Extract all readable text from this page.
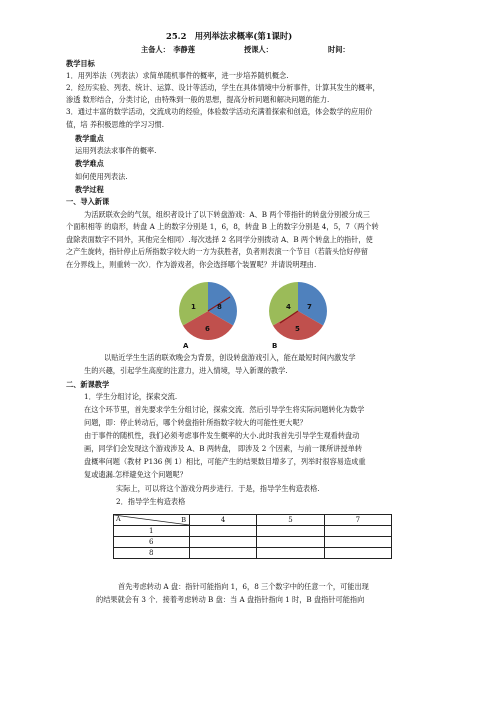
25.2　用列举法求概率(第1课时)
主备人：　李静莲	授课人：	时间：
教学目标
1．用列举法（列表法）求简单随机事件的概率，进一步培养随机概念.
2．经历实验、列表、统计、运算、设计等活动，学生在具体情境中分析事件，计算其发生的概率，
渗透 数形结合，分类讨论，由特殊到一般的思想，提高分析问题和解决问题的能力.
3．通过丰富的数学活动，交流成功的经验，体验数学活动充满着探索和创造，体会数学的应用价
值，培 养积极思维的学习习惯.
教学重点
运用列表法求事件的概率.
教学难点
如何使用列表法.
教学过程
一、导入新课
为活跃联欢会的气氛，组织者设计了以下转盘游戏：A、B 两个带指针的转盘分别被分成三
个面积相等 的扇形，转盘 A 上的数字分别是 1，6，8，转盘 B 上的数字分别是 4，5，7（两个转
盘除表面数字不同外，其他完全相同）.每次选择 2 名同学分别拨动 A、B 两个转盘上的指针，使
之产生旋转，指针停止后所指数字较大的一方为获胜者，负者则表演一个节目（若箭头恰好停留
在分界线上，则重转一次）．作为游戏者，你会选择哪个装置呢？并请说明理由.
8
6
1
A
7
5
4
B
以贴近学生生活的联欢晚会为背景，创设转盘游戏引入，能在最短时间内激发学
生的兴趣，引起学生高度的注意力，进入情境，导入新课的教学.
二、新课教学
1．学生分组讨论，探索交流.
在这个环节里，首先要求学生分组讨论，探索交流．然后引导学生将实际问题转化为数学
问题，即：停止转动后，哪个转盘指针所指数字较大的可能性更大呢？
由于事件的随机性，我们必须考虑事件发生概率的大小.此时我首先引导学生观看转盘动
画，同学们会发现这个游戏涉及 A、B 两转盘， 即涉及 2 个因素，与前一课所讲授单转
盘概率问题（教材 P136 例 1）相比，可能产生的结果数目增多了，列举时很容易造成重
复或遗漏.怎样避免这个问题呢？
实际上，可以将这个游戏分两步进行．于是，指导学生构造表格.
2．指导学生构造表格
A B	4	5	7
1			
6			
8			
首先考虑转动 A 盘：指针可能指向 1，6，8 三个数字中的任意一个，可能出现
的结果就会有 3 个．接着考虑转动 B 盘：当 A 盘指针指向 1 时，B 盘指针可能指向
